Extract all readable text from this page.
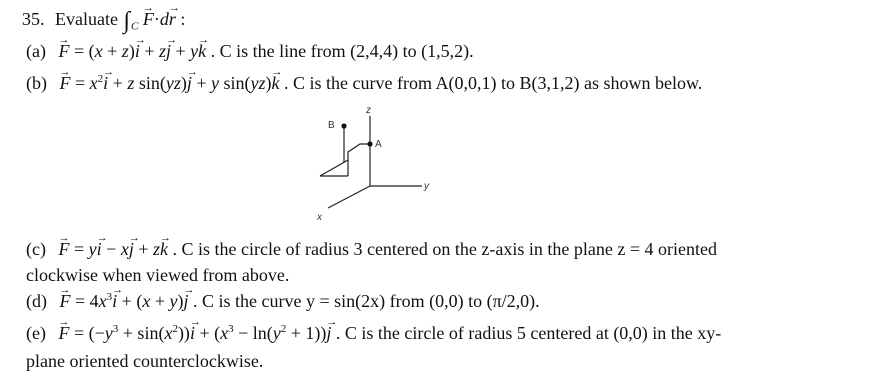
35. Evaluate $\int_C \to F\cdot d\to r$ :
(a) → F = (x + z)→ i + z→ j + y→ k . C is the line from (2,4,4) to (1,5,2).
$(b) \to F = x^2\to i + z$ sin(yz)→ j + y sin(yz)→ k . C is the curve from A(0,0,1) to B(3,1,2) as shown below.
z
y
x
A
B
(c) → F = y→ i − x→ j + z→ k . C is the circle of radius 3 centered on the z-axis in the plane z = 4 oriented
clockwise when viewed from above.
$(d) \to F = 4x^3\to i + (x + y)\to j$ . C is the curve y = sin(2x) from (0,0) to (π/2,0).
$(e) \to F = (-y^3 + \sin(x^2))\to i + (x^3 - \ln(y^2 + 1))\to j$ . C is the circle of radius 5 centered at (0,0) in the xy-
plane oriented counterclockwise.
